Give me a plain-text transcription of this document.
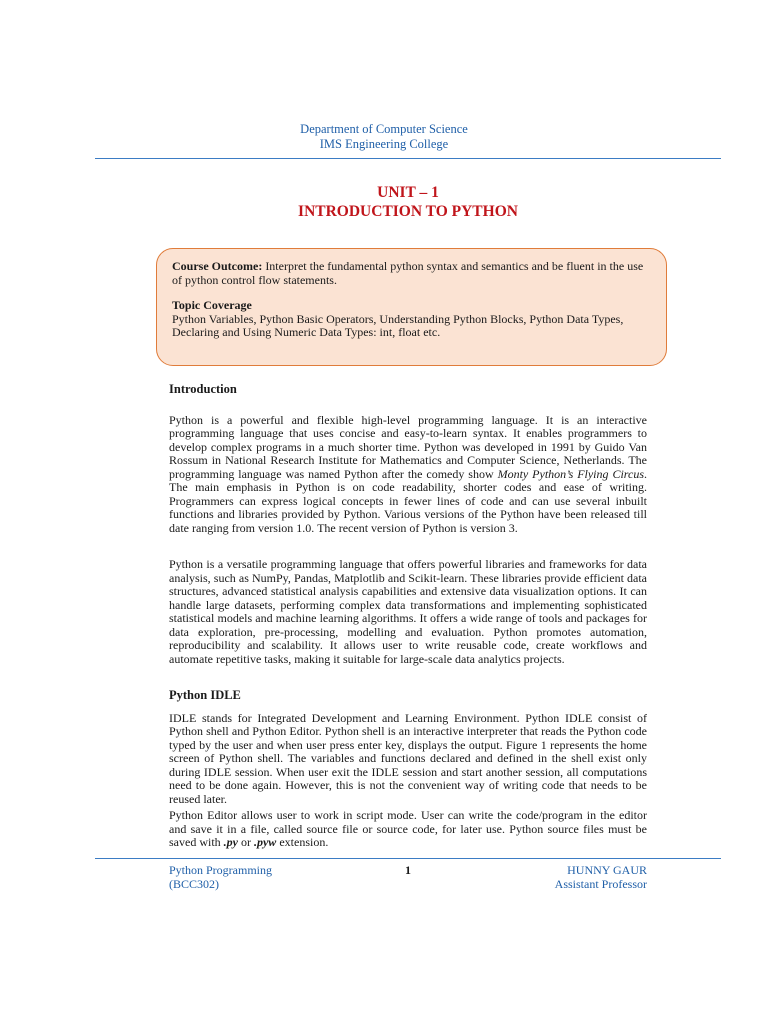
Department of Computer Science
IMS Engineering College
UNIT – 1
INTRODUCTION TO PYTHON

Course Outcome: Interpret the fundamental python syntax and semantics and be fluent in the use of python control flow statements.

Topic Coverage

Python Variables, Python Basic Operators, Understanding Python Blocks, Python Data Types, Declaring and Using Numeric Data Types: int, float etc.

Introduction

Python is a powerful and flexible high-level programming language. It is an interactive programming language that uses concise and easy-to-learn syntax. It enables programmers to develop complex programs in a much shorter time. Python was developed in 1991 by Guido Van Rossum in National Research Institute for Mathematics and Computer Science, Netherlands. The programming language was named Python after the comedy show Monty Python’s Flying Circus. The main emphasis in Python is on code readability, shorter codes and ease of writing. Programmers can express logical concepts in fewer lines of code and can use several inbuilt functions and libraries provided by Python. Various versions of the Python have been released till date ranging from version 1.0. The recent version of Python is version 3.

Python is a versatile programming language that offers powerful libraries and frameworks for data analysis, such as NumPy, Pandas, Matplotlib and Scikit-learn. These libraries provide efficient data structures, advanced statistical analysis capabilities and extensive data visualization options. It can handle large datasets, performing complex data transformations and implementing sophisticated statistical models and machine learning algorithms. It offers a wide range of tools and packages for data exploration, pre-processing, modelling and evaluation. Python promotes automation, reproducibility and scalability. It allows user to write reusable code, create workflows and automate repetitive tasks, making it suitable for large-scale data analytics projects.

Python IDLE

IDLE stands for Integrated Development and Learning Environment. Python IDLE consist of Python shell and Python Editor. Python shell is an interactive interpreter that reads the Python code typed by the user and when user press enter key, displays the output. Figure 1 represents the home screen of Python shell. The variables and functions declared and defined in the shell exist only during IDLE session. When user exit the IDLE session and start another session, all computations need to be done again. However, this is not the convenient way of writing code that needs to be reused later.

Python Editor allows user to work in script mode. User can write the code/program in the editor and save it in a file, called source file or source code, for later use. Python source files must be saved with .py or .pyw extension.

Python Programming
(BCC302)
1	HUNNY GAUR
Assistant Professor
